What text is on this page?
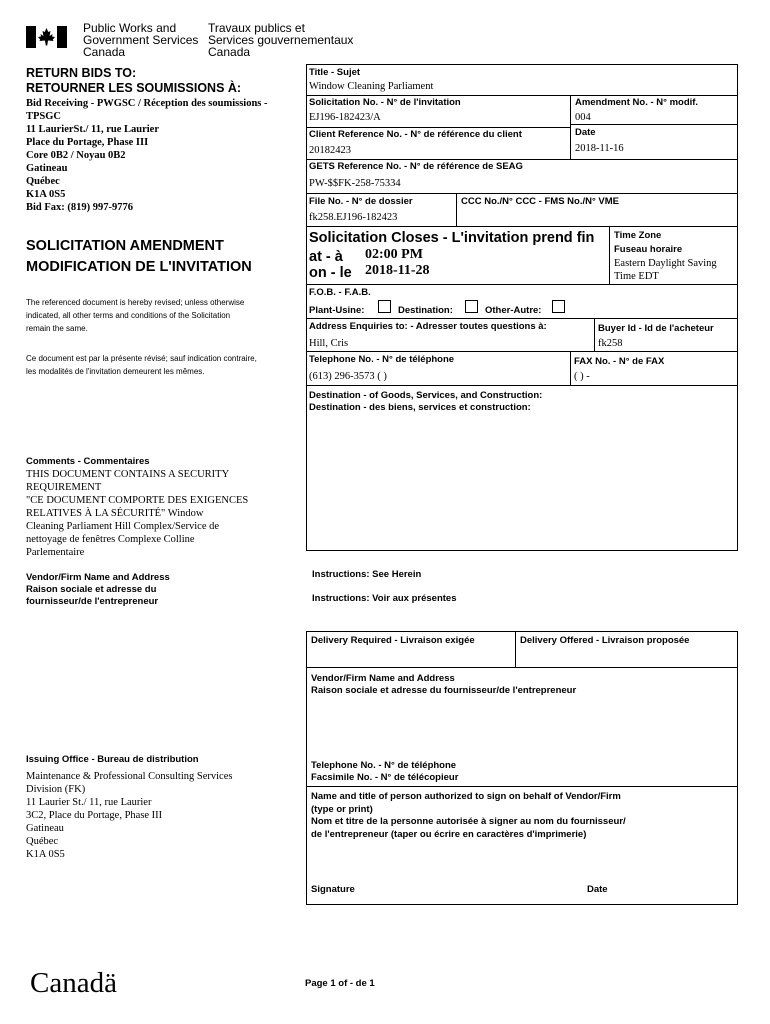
Public Works and
Government Services
Canada
Travaux publics et
Services gouvernementaux
Canada
RETURN BIDS TO:
RETOURNER LES SOUMISSIONS À:
Bid Receiving - PWGSC / Réception des soumissions -
TPSGC
11 LaurierSt./ 11, rue Laurier
Place du Portage, Phase III
Core 0B2 / Noyau 0B2
Gatineau
Québec
K1A 0S5
Bid Fax: (819) 997-9776
SOLICITATION AMENDMENT
MODIFICATION DE L'INVITATION
The referenced document is hereby revised; unless otherwise
indicated, all other terms and conditions of the Solicitation
remain the same.
Ce document est par la présente révisé; sauf indication contraire,
les modalités de l'invitation demeurent les mêmes.
Comments - Commentaires
THIS DOCUMENT CONTAINS A SECURITY
REQUIREMENT
"CE DOCUMENT COMPORTE DES EXIGENCES
RELATIVES À LA SÉCURITÉ" Window
Cleaning Parliament Hill Complex/Service de
nettoyage de fenêtres Complexe Colline
Parlementaire
Vendor/Firm Name and Address
Raison sociale et adresse du
fournisseur/de l'entrepreneur
Issuing Office - Bureau de distribution
Maintenance & Professional Consulting Services
Division (FK)
11 Laurier St./ 11, rue Laurier
3C2, Place du Portage, Phase III
Gatineau
Québec
K1A 0S5
Title - Sujet
Window Cleaning Parliament
Solicitation No. - N° de l'invitation
EJ196-182423/A
Amendment No. - N° modif.
004
Client Reference No. - N° de référence du client
20182423
Date
2018-11-16
GETS Reference No. - N° de référence de SEAG
PW-$$FK-258-75334
File No. - N° de dossier
fk258.EJ196-182423
CCC No./N° CCC - FMS No./N° VME
Solicitation Closes - L'invitation prend fin
at - à 02:00 PM
on - le 2018-11-28
Time Zone
Fuseau horaire
Eastern Daylight Saving
Time EDT
F.O.B. - F.A.B.
Plant-Usine:	Destination:	Other-Autre:
Address Enquiries to: - Adresser toutes questions à:
Hill, Cris
Buyer Id - Id de l'acheteur
fk258
Telephone No. - N° de téléphone
(613) 296-3573 ( )
FAX No. - N° de FAX
( ) -
Destination - of Goods, Services, and Construction:
Destination - des biens, services et construction:
Instructions: See Herein
Instructions: Voir aux présentes
Delivery Required - Livraison exigée	Delivery Offered - Livraison proposée
Vendor/Firm Name and Address
Raison sociale et adresse du fournisseur/de l'entrepreneur
Telephone No. - N° de téléphone
Facsimile No. - N° de télécopieur
Name and title of person authorized to sign on behalf of Vendor/Firm
(type or print)
Nom et titre de la personne autorisée à signer au nom du fournisseur/
de l'entrepreneur (taper ou écrire en caractères d'imprimerie)
Signature	Date
Canadä	Page 1 of - de 1
